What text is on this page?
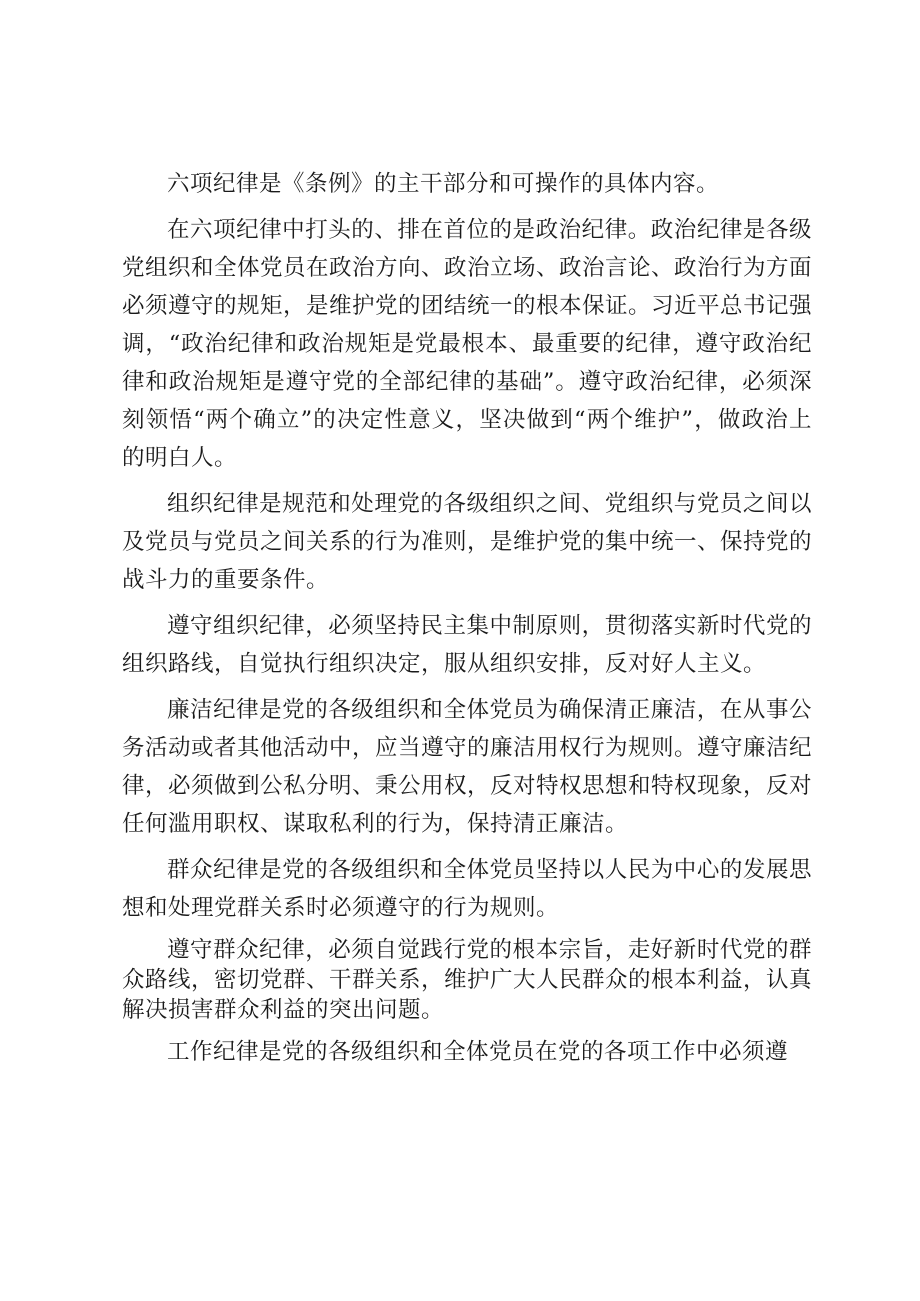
六项纪律是《条例》的主干部分和可操作的具体内容。

在六项纪律中打头的、排在首位的是政治纪律。政治纪律是各级党组织和全体党员在政治方向、政治立场、政治言论、政治行为方面必须遵守的规矩，是维护党的团结统一的根本保证。习近平总书记强调，“政治纪律和政治规矩是党最根本、最重要的纪律，遵守政治纪律和政治规矩是遵守党的全部纪律的基础”。遵守政治纪律，必须深刻领悟“两个确立”的决定性意义，坚决做到“两个维护”，做政治上的明白人。

组织纪律是规范和处理党的各级组织之间、党组织与党员之间以及党员与党员之间关系的行为准则，是维护党的集中统一、保持党的战斗力的重要条件。

遵守组织纪律，必须坚持民主集中制原则，贯彻落实新时代党的组织路线，自觉执行组织决定，服从组织安排，反对好人主义。

廉洁纪律是党的各级组织和全体党员为确保清正廉洁，在从事公务活动或者其他活动中，应当遵守的廉洁用权行为规则。遵守廉洁纪律，必须做到公私分明、秉公用权，反对特权思想和特权现象，反对任何滥用职权、谋取私利的行为，保持清正廉洁。

群众纪律是党的各级组织和全体党员坚持以人民为中心的发展思想和处理党群关系时必须遵守的行为规则。

遵守群众纪律，必须自觉践行党的根本宗旨，走好新时代党的群众路线，密切党群、干群关系，维护广大人民群众的根本利益，认真解决损害群众利益的突出问题。

工作纪律是党的各级组织和全体党员在党的各项工作中必须遵
